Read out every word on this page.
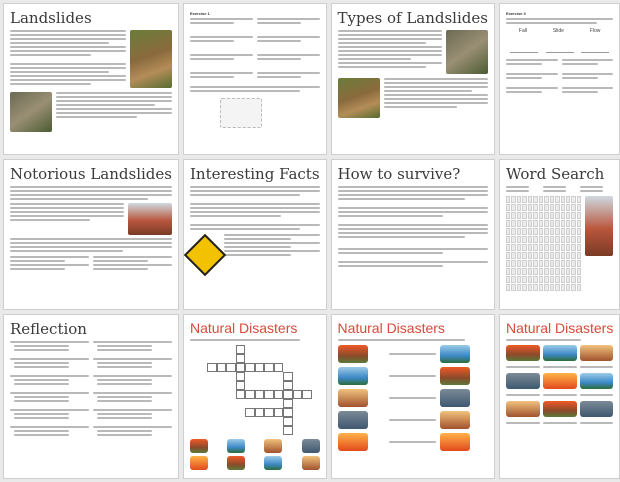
Landslides	Exercise 1	Types of Landslides	Exercise 3
Fall	Slide	Flow
Notorious Landslides Interesting Facts How to survive?	Word Search
Reflection	Natural Disasters	Natural Disasters	Natural Disasters
